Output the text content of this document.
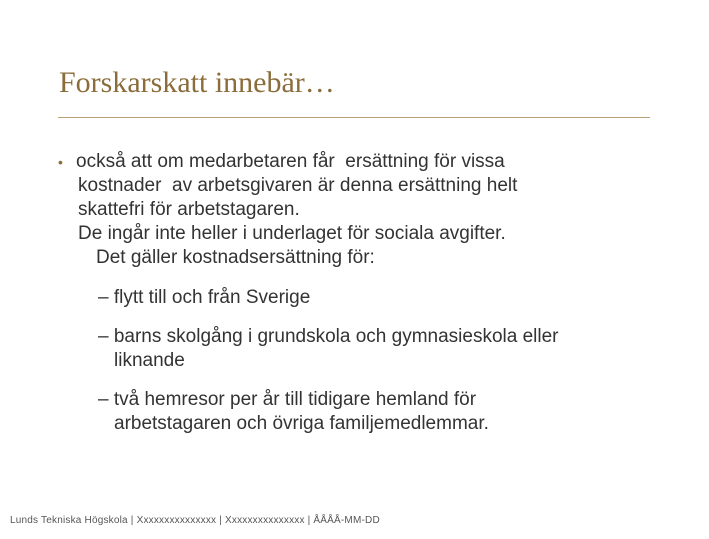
Forskarskatt innebär…
• också att om medarbetaren får  ersättning för vissa
kostnader  av arbetsgivaren är denna ersättning helt
skattefri för arbetstagaren.
De ingår inte heller i underlaget för sociala avgifter.
Det gäller kostnadsersättning för:
– flytt till och från Sverige
– barns skolgång i grundskola och gymnasieskola eller
liknande
– två hemresor per år till tidigare hemland för
arbetstagaren och övriga familjemedlemmar.
Lunds Tekniska Högskola | Xxxxxxxxxxxxxxx | Xxxxxxxxxxxxxxx | ÅÅÅÅ-MM-DD
